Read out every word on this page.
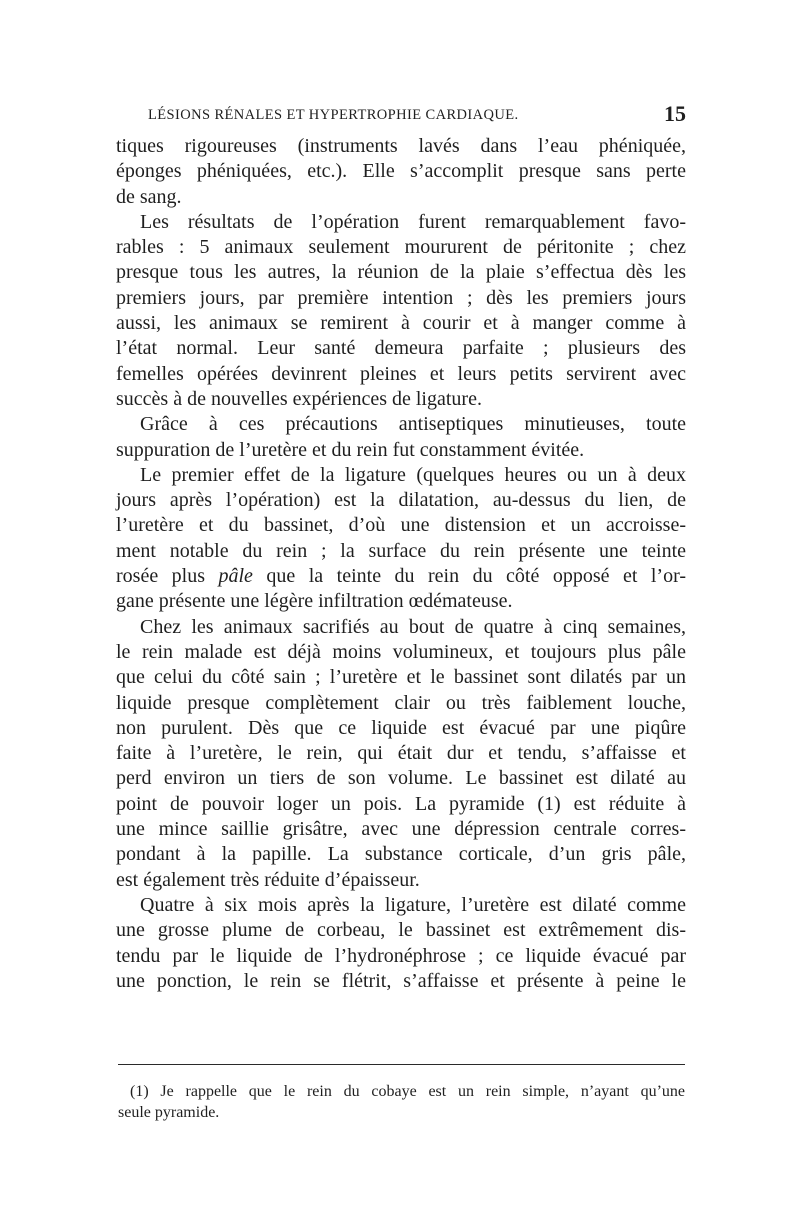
LÉSIONS RÉNALES ET HYPERTROPHIE CARDIAQUE.	15
tiques rigoureuses (instruments lavés dans l’eau phéniquée,
éponges phéniquées, etc.). Elle s’accomplit presque sans perte
de sang.
Les résultats de l’opération furent remarquablement favo-
rables : 5 animaux seulement moururent de péritonite ; chez
presque tous les autres, la réunion de la plaie s’effectua dès les
premiers jours, par première intention ; dès les premiers jours
aussi, les animaux se remirent à courir et à manger comme à
l’état normal. Leur santé demeura parfaite ; plusieurs des
femelles opérées devinrent pleines et leurs petits servirent avec
succès à de nouvelles expériences de ligature.
Grâce à ces précautions antiseptiques minutieuses, toute
suppuration de l’uretère et du rein fut constamment évitée.
Le premier effet de la ligature (quelques heures ou un à deux
jours après l’opération) est la dilatation, au-dessus du lien, de
l’uretère et du bassinet, d’où une distension et un accroisse-
ment notable du rein ; la surface du rein présente une teinte
rosée plus pâle que la teinte du rein du côté opposé et l’or-
gane présente une légère infiltration œdémateuse.
Chez les animaux sacrifiés au bout de quatre à cinq semaines,
le rein malade est déjà moins volumineux, et toujours plus pâle
que celui du côté sain ; l’uretère et le bassinet sont dilatés par un
liquide presque complètement clair ou très faiblement louche,
non purulent. Dès que ce liquide est évacué par une piqûre
faite à l’uretère, le rein, qui était dur et tendu, s’affaisse et
perd environ un tiers de son volume. Le bassinet est dilaté au
point de pouvoir loger un pois. La pyramide (1) est réduite à
une mince saillie grisâtre, avec une dépression centrale corres-
pondant à la papille. La substance corticale, d’un gris pâle,
est également très réduite d’épaisseur.
Quatre à six mois après la ligature, l’uretère est dilaté comme
une grosse plume de corbeau, le bassinet est extrêmement dis-
tendu par le liquide de l’hydronéphrose ; ce liquide évacué par
une ponction, le rein se flétrit, s’affaisse et présente à peine le
(1) Je rappelle que le rein du cobaye est un rein simple, n’ayant qu’une
seule pyramide.
